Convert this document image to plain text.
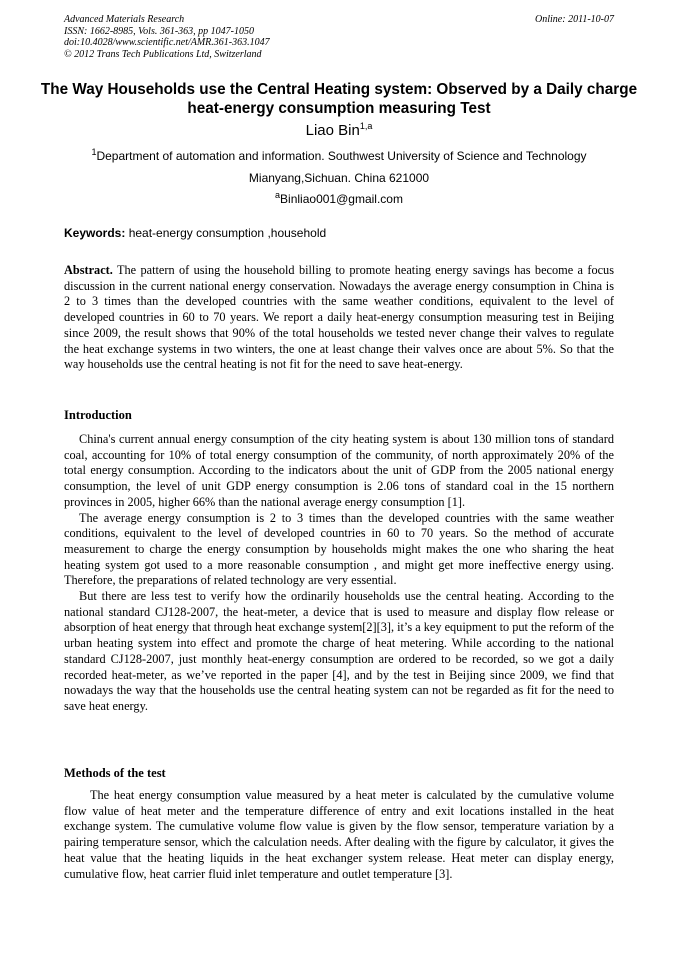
Advanced Materials Research
ISSN: 1662-8985, Vols. 361-363, pp 1047-1050
doi:10.4028/www.scientific.net/AMR.361-363.1047
© 2012 Trans Tech Publications Ltd, Switzerland
Online: 2011-10-07
The Way Households use the Central Heating system: Observed by a Daily charge heat-energy consumption measuring Test
Liao Bin$^{1,a}$
$^1$Department of automation and information. Southwest University of Science and Technology
Mianyang,Sichuan. China 621000
$^a$Binliao001@gmail.com
Keywords: heat-energy consumption ,household

Abstract. The pattern of using the household billing to promote heating energy savings has become a focus discussion in the current national energy conservation. Nowadays the average energy consumption in China is 2 to 3 times than the developed countries with the same weather conditions, equivalent to the level of developed countries in 60 to 70 years. We report a daily heat-energy consumption measuring test in Beijing since 2009, the result shows that 90% of the total households we tested never change their valves to regulate the heat exchange systems in two winters, the one at least change their valves once are about 5%. So that the way households use the central heating is not fit for the need to save heat-energy.

Introduction

China's current annual energy consumption of the city heating system is about 130 million tons of standard coal, accounting for 10% of total energy consumption of the community, of north approximately 20% of the total energy consumption. According to the indicators about the unit of GDP from the 2005 national energy consumption, the level of unit GDP energy consumption is 2.06 tons of standard coal in the 15 northern provinces in 2005, higher 66% than the national average energy consumption [1].

The average energy consumption is 2 to 3 times than the developed countries with the same weather conditions, equivalent to the level of developed countries in 60 to 70 years. So the method of accurate measurement to charge the energy consumption by households might makes the one who sharing the heat heating system got used to a more reasonable consumption , and might get more ineffective energy using. Therefore, the preparations of related technology are very essential.

But there are less test to verify how the ordinarily households use the central heating. According to the national standard CJ128-2007, the heat-meter, a device that is used to measure and display flow release or absorption of heat energy that through heat exchange system[2][3], it’s a key equipment to put the reform of the urban heating system into effect and promote the charge of heat metering. While according to the national standard CJ128-2007, just monthly heat-energy consumption are ordered to be recorded, so we got a daily recorded heat-meter, as we’ve reported in the paper [4], and by the test in Beijing since 2009, we find that nowadays the way that the households use the central heating system can not be regarded as fit for the need to save heat energy.

Methods of the test

The heat energy consumption value measured by a heat meter is calculated by the cumulative volume flow value of heat meter and the temperature difference of entry and exit locations installed in the heat exchange system. The cumulative volume flow value is given by the flow sensor, temperature variation by a pairing temperature sensor, which the calculation needs. After dealing with the figure by calculator, it gives the heat value that the heating liquids in the heat exchanger system release. Heat meter can display energy, cumulative flow, heat carrier fluid inlet temperature and outlet temperature [3].
